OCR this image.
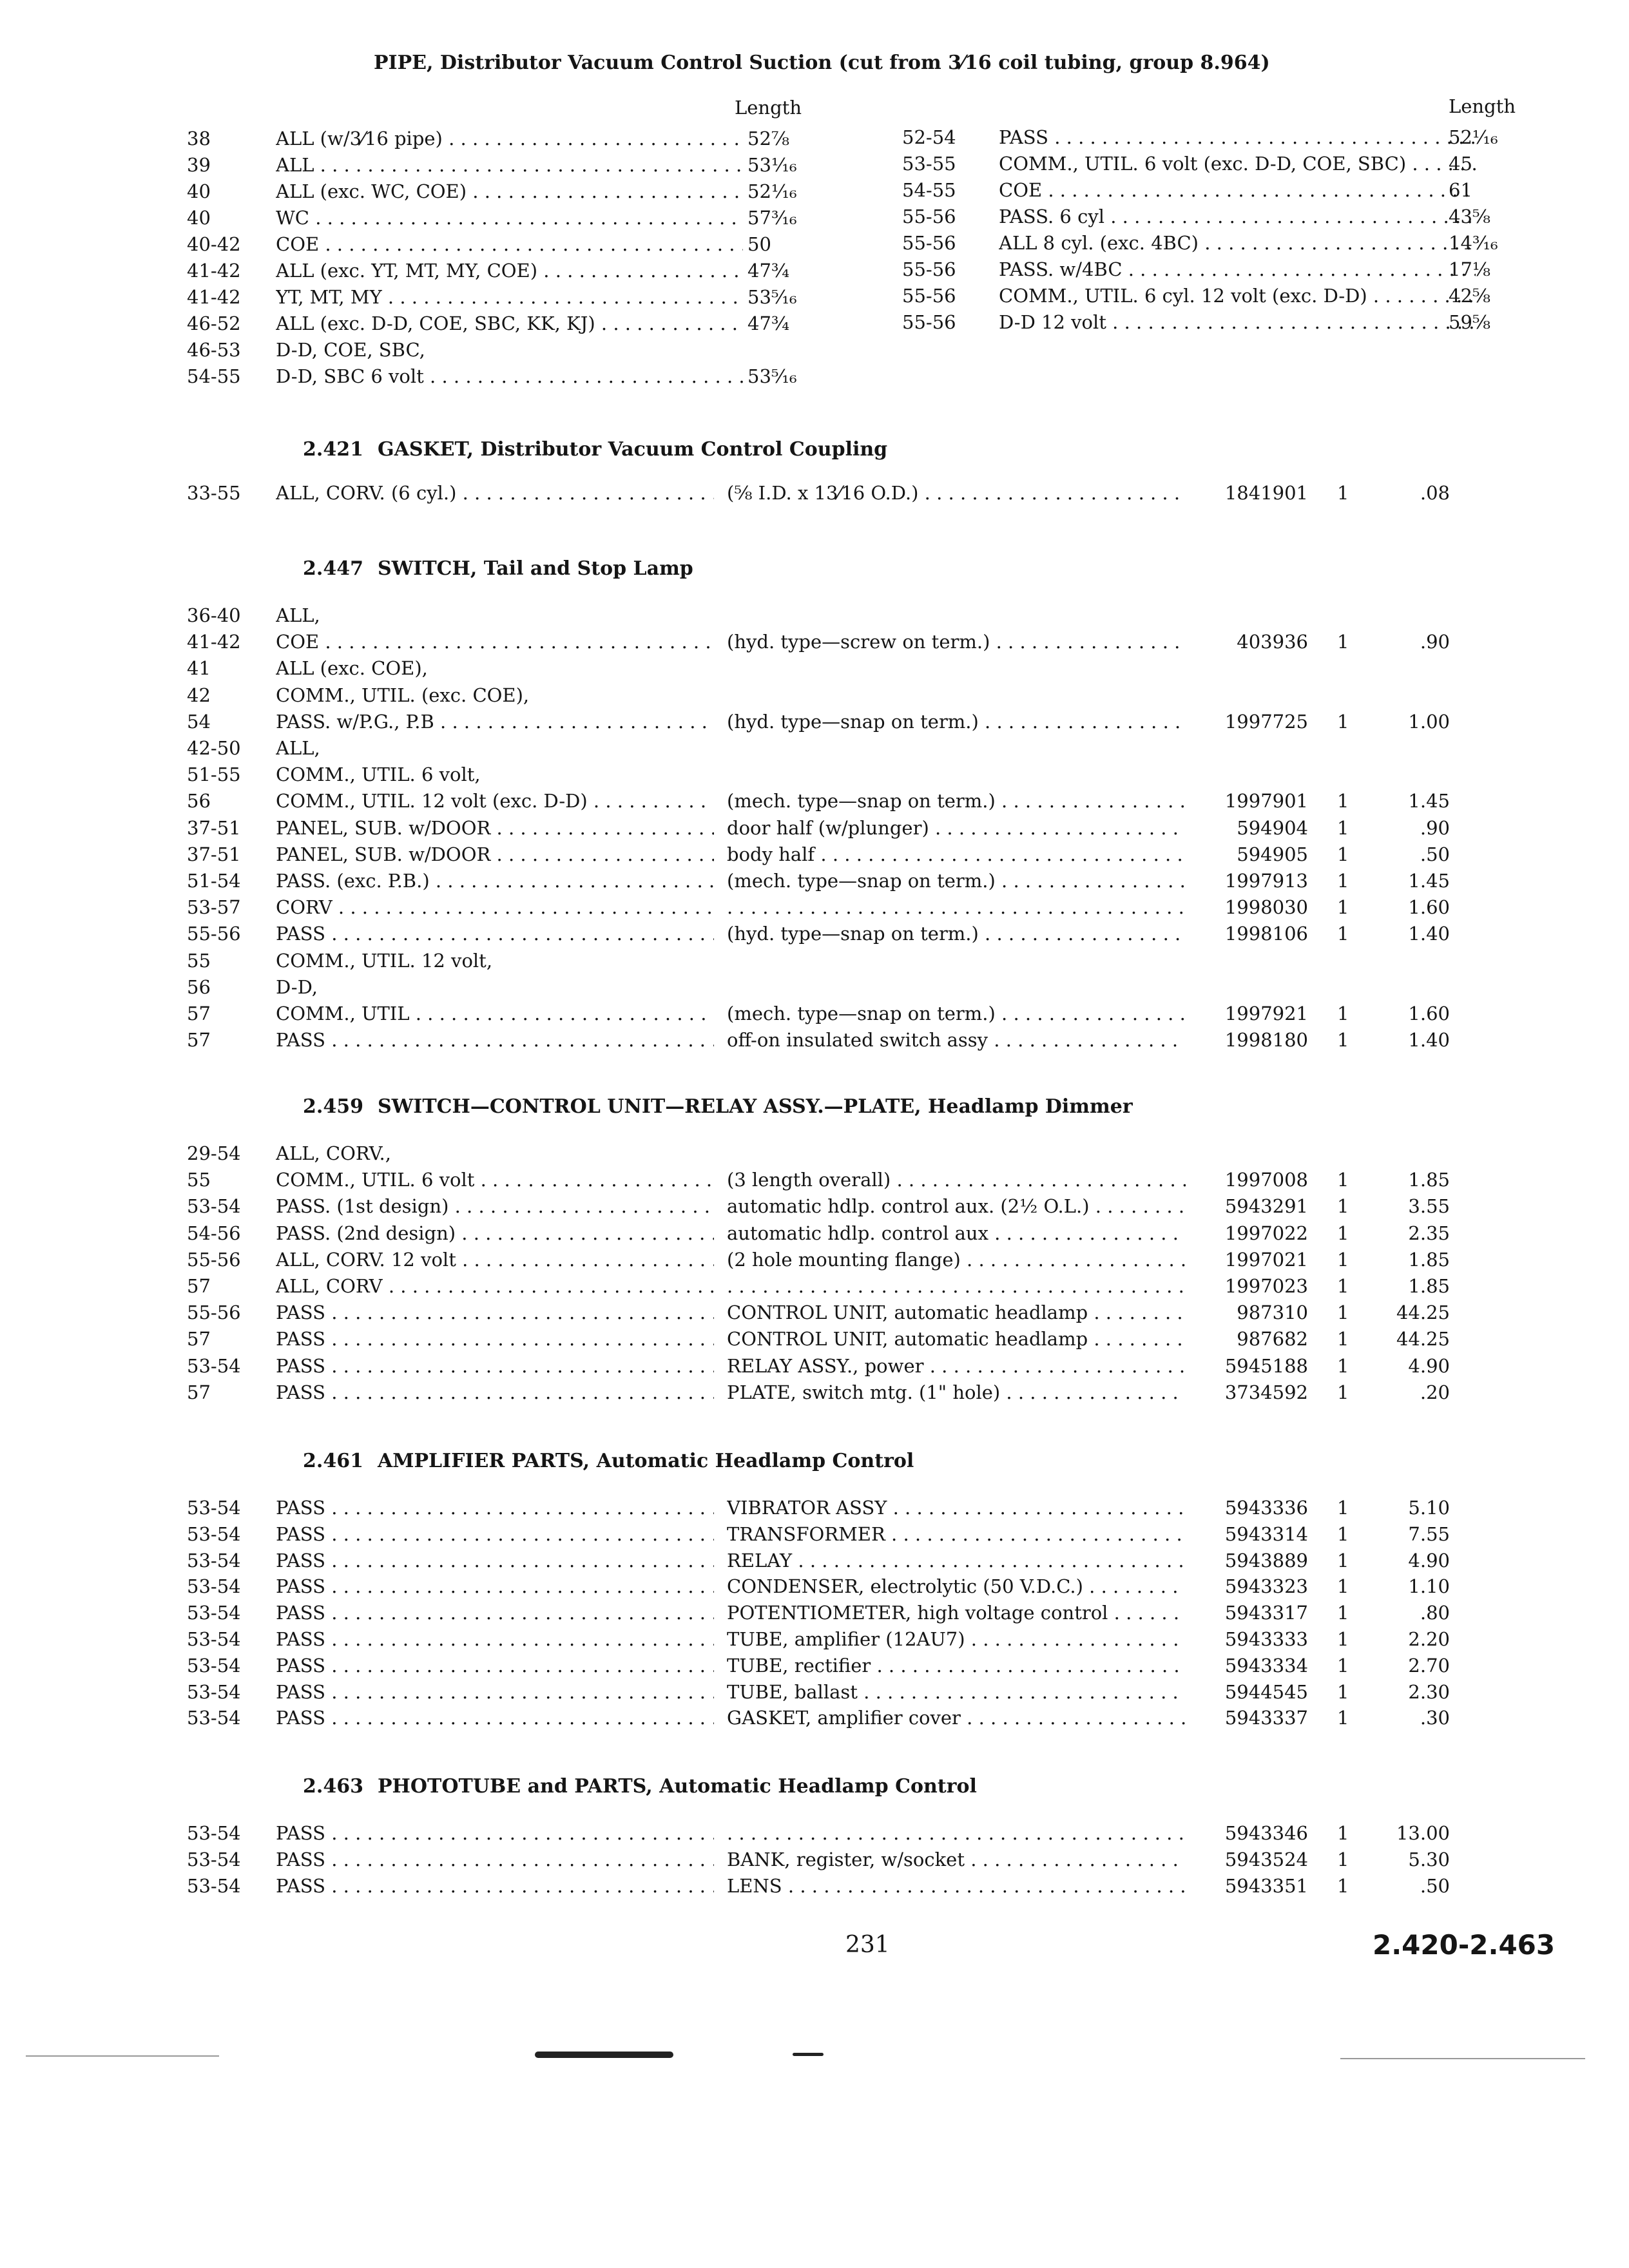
PIPE, Distributor Vacuum Control Suction (cut from 3⁄16 coil tubing, group 8.964)
Length	Length
38	ALL (w/3⁄16 pipe) . . .	52⅞
39	ALL . . .	53¹⁄₁₆
40	ALL (exc. WC, COE) . . .	52¹⁄₁₆
40	WC . . .	57³⁄₁₆
40-42	COE . . .	50
41-42	ALL (exc. YT, MT, MY, COE) . . .	47¾
41-42	YT, MT, MY . . .	53⁵⁄₁₆
46-52	ALL (exc. D-D, COE, SBC, KK, KJ) . . .	47¾
46-53	D-D, COE, SBC,
54-55	D-D, SBC 6 volt . . .	53⁵⁄₁₆
52-54	PASS . . .	52¹⁄₁₆
53-55	COMM., UTIL. 6 volt (exc. D-D, COE, SBC) . . .	45
54-55	COE . . .	61
55-56	PASS. 6 cyl . . .	43⁵⁄₈
55-56	ALL 8 cyl. (exc. 4BC) . . .	14³⁄₁₆
55-56	PASS. w/4BC . . .	17⅛
55-56	COMM., UTIL. 6 cyl. 12 volt (exc. D-D) . . .	42⅝
55-56	D-D 12 volt . . .	59⅝
2.421 GASKET, Distributor Vacuum Control Coupling
33-55	ALL, CORV. (6 cyl.) . . .	(⅝ I.D. x 13⁄16 O.D.) . . .	1841901 1	.08
2.447 SWITCH, Tail and Stop Lamp
36-40	ALL,
41-42	COE . . .	(hyd. type—screw on term.) . . .	403936 1	.90
41	ALL (exc. COE),
42	COMM., UTIL. (exc. COE),
54	PASS. w/P.G., P.B . . .	(hyd. type—snap on term.) . . .	1997725 1	1.00
42-50	ALL,
51-55	COMM., UTIL. 6 volt,
56	COMM., UTIL. 12 volt (exc. D-D) . . .	(mech. type—snap on term.) . . .	1997901 1	1.45
37-51	PANEL, SUB. w/DOOR . . .	door half (w/plunger) . . .	594904 1	.90
37-51	PANEL, SUB. w/DOOR . . .	body half . . .	594905 1	.50
51-54	PASS. (exc. P.B.) . . .	(mech. type—snap on term.) . . .	1997913 1	1.45
53-57	CORV . . . . . .	1998030 1	1.60
55-56	PASS . . .	(hyd. type—snap on term.) . . .	1998106 1	1.40
55	COMM., UTIL. 12 volt,
56	D-D,
57	COMM., UTIL . . .	(mech. type—snap on term.) . . .	1997921 1	1.60
57	PASS . . .	off-on insulated switch assy . . .	1998180 1	1.40
2.459 SWITCH—CONTROL UNIT—RELAY ASSY.—PLATE, Headlamp Dimmer
29-54	ALL, CORV.,
55	COMM., UTIL. 6 volt . . .	(3 length overall) . . .	1997008 1	1.85
53-54	PASS. (1st design) . . .	automatic hdlp. control aux. (2½ O.L.) . . .	5943291 1	3.55
54-56	PASS. (2nd design) . . .	automatic hdlp. control aux . . .	1997022 1	2.35
55-56	ALL, CORV. 12 volt . . .	(2 hole mounting flange) . . .	1997021 1	1.85
57	ALL, CORV . . . . . .	1997023 1	1.85
55-56	PASS . . .	CONTROL UNIT, automatic headlamp . . .	987310 1	44.25
57	PASS . . .	CONTROL UNIT, automatic headlamp . . .	987682 1	44.25
53-54	PASS . . .	RELAY ASSY., power . . .	5945188 1	4.90
57	PASS . . .	PLATE, switch mtg. (1" hole) . . .	3734592 1	.20
2.461 AMPLIFIER PARTS, Automatic Headlamp Control
53-54	PASS . . .	VIBRATOR ASSY . . .	5943336 1	5.10
53-54	PASS . . .	TRANSFORMER . . .	5943314 1	7.55
53-54	PASS . . .	RELAY . . .	5943889 1	4.90
53-54	PASS . . .	CONDENSER, electrolytic (50 V.D.C.) . . .	5943323 1	1.10
53-54	PASS . . .	POTENTIOMETER, high voltage control . . .	5943317 1	.80
53-54	PASS . . .	TUBE, amplifier (12AU7) . . .	5943333 1	2.20
53-54	PASS . . .	TUBE, rectifier . . .	5943334 1	2.70
53-54	PASS . . .	TUBE, ballast . . .	5944545 1	2.30
53-54	PASS . . .	GASKET, amplifier cover . . .	5943337 1	.30
2.463 PHOTOTUBE and PARTS, Automatic Headlamp Control
53-54	PASS . . . . . .	5943346 1	13.00
53-54	PASS . . .	BANK, register, w/socket . . .	5943524 1	5.30
53-54	PASS . . .	LENS . . .	5943351 1	.50
231	2.420-2.463
